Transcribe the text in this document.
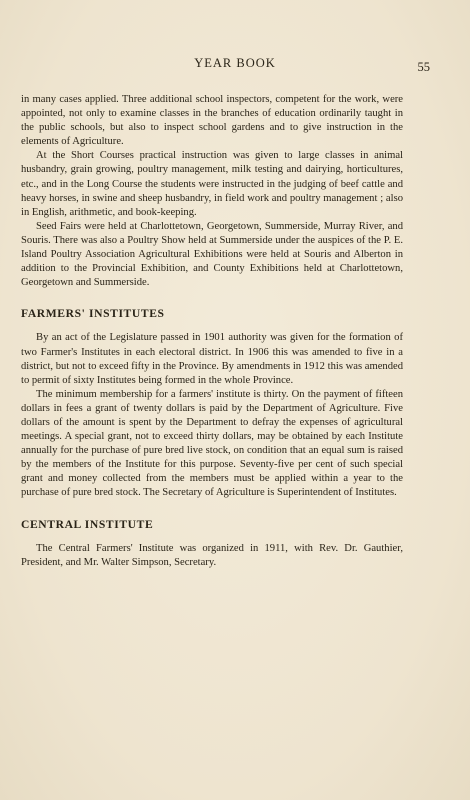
YEAR BOOK	55

in many cases applied. Three additional school inspectors, competent for the work, were appointed, not only to examine classes in the branches of education ordinarily taught in the public schools, but also to inspect school gardens and to give instruction in the elements of Agriculture.

At the Short Courses practical instruction was given to large classes in animal husbandry, grain growing, poultry management, milk testing and dairying, horticultures, etc., and in the Long Course the students were instructed in the judging of beef cattle and heavy horses, in swine and sheep husbandry, in field work and poultry management ; also in English, arithmetic, and book-keeping.

Seed Fairs were held at Charlottetown, Georgetown, Summerside, Murray River, and Souris. There was also a Poultry Show held at Summerside under the auspices of the P. E. Island Poultry Association Agricultural Exhibitions were held at Souris and Alberton in addition to the Provincial Exhibition, and County Exhibitions held at Charlottetown, Georgetown and Summerside.

FARMERS' INSTITUTES

By an act of the Legislature passed in 1901 authority was given for the formation of two Farmer's Institutes in each electoral district. In 1906 this was amended to five in a district, but not to exceed fifty in the Province. By amendments in 1912 this was amended to permit of sixty Institutes being formed in the whole Province.

The minimum membership for a farmers' institute is thirty. On the payment of fifteen dollars in fees a grant of twenty dollars is paid by the Department of Agriculture. Five dollars of the amount is spent by the Department to defray the expenses of agricultural meetings. A special grant, not to exceed thirty dollars, may be obtained by each Institute annually for the purchase of pure bred live stock, on condition that an equal sum is raised by the members of the Institute for this purpose. Seventy-five per cent of such special grant and money collected from the members must be applied within a year to the purchase of pure bred stock. The Secretary of Agriculture is Superintendent of Institutes.

CENTRAL INSTITUTE

The Central Farmers' Institute was organized in 1911, with Rev. Dr. Gauthier, President, and Mr. Walter Simpson, Secretary.
